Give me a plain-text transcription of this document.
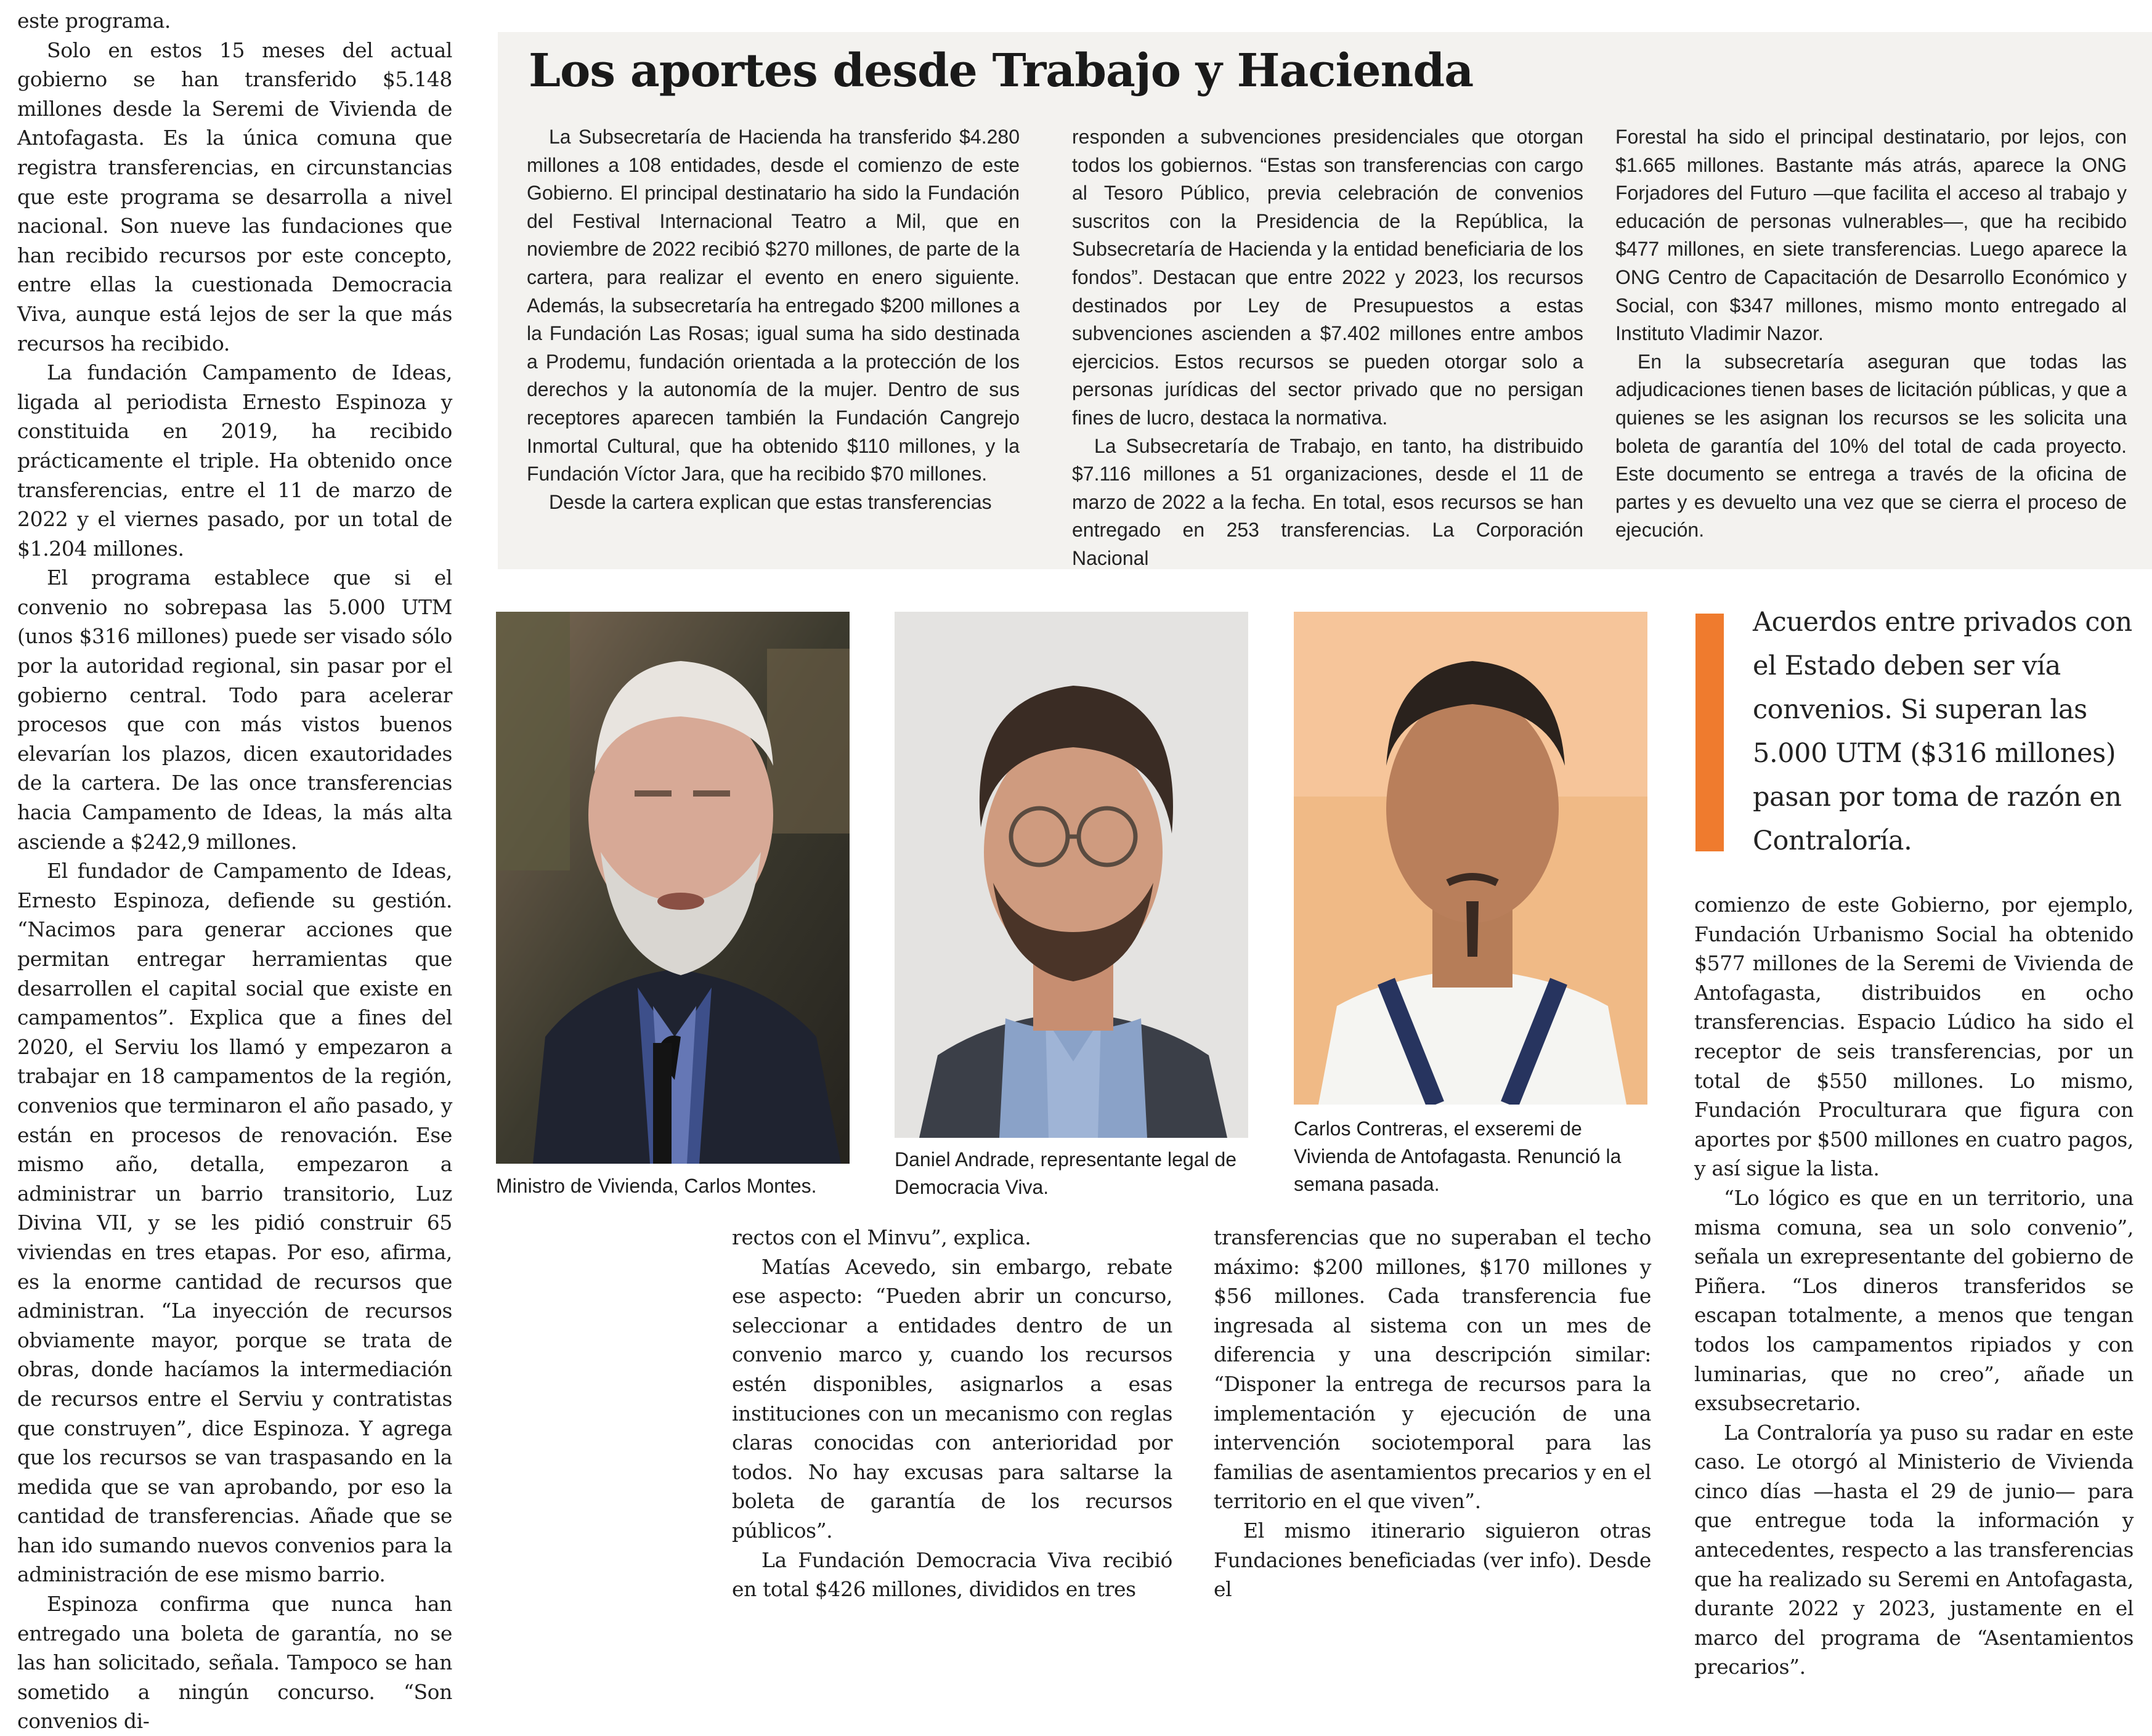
este programa.

Solo en estos 15 meses del actual gobierno se han transferido $5.148 millones desde la Seremi de Vivienda de Antofagasta. Es la única comuna que registra transferencias, en circunstancias que este programa se desarrolla a nivel nacional. Son nueve las fundaciones que han recibido recursos por este concepto, entre ellas la cuestionada Democracia Viva, aunque está lejos de ser la que más recursos ha recibido.

La fundación Campamento de Ideas, ligada al periodista Ernesto Espinoza y constituida en 2019, ha recibido prácticamente el triple. Ha obtenido once transferencias, entre el 11 de marzo de 2022 y el viernes pasado, por un total de $1.204 millones.

El programa establece que si el convenio no sobrepasa las 5.000 UTM (unos $316 millones) puede ser visado sólo por la autoridad regional, sin pasar por el gobierno central. Todo para acelerar procesos que con más vistos buenos elevarían los plazos, dicen exautoridades de la cartera. De las once transferencias hacia Campamento de Ideas, la más alta asciende a $242,9 millones.

El fundador de Campamento de Ideas, Ernesto Espinoza, defiende su gestión. “Nacimos para generar acciones que permitan entregar herramientas que desarrollen el capital social que existe en campamentos”. Explica que a fines del 2020, el Serviu los llamó y empezaron a trabajar en 18 campamentos de la región, convenios que terminaron el año pasado, y están en procesos de renovación. Ese mismo año, detalla, empezaron a administrar un barrio transitorio, Luz Divina VII, y se les pidió construir 65 viviendas en tres etapas. Por eso, afirma, es la enorme cantidad de recursos que administran. “La inyección de recursos obviamente mayor, porque se trata de obras, donde hacíamos la intermediación de recursos entre el Serviu y contratistas que construyen”, dice Espinoza. Y agrega que los recursos se van traspasando en la medida que se van aprobando, por eso la cantidad de transferencias. Añade que se han ido sumando nuevos convenios para la administración de ese mismo barrio.

Espinoza confirma que nunca han entregado una boleta de garantía, no se las han solicitado, señala. Tampoco se han sometido a ningún concurso. “Son convenios di-

Los aportes desde Trabajo y Hacienda

La Subsecretaría de Hacienda ha transferido $4.280 millones a 108 entidades, desde el comienzo de este Gobierno. El principal destinatario ha sido la Fundación del Festival Internacional Teatro a Mil, que en noviembre de 2022 recibió $270 millones, de parte de la cartera, para realizar el evento en enero siguiente. Además, la subsecretaría ha entregado $200 millones a la Fundación Las Rosas; igual suma ha sido destinada a Prodemu, fundación orientada a la protección de los derechos y la autonomía de la mujer. Dentro de sus receptores aparecen también la Fundación Cangrejo Inmortal Cultural, que ha obtenido $110 millones, y la Fundación Víctor Jara, que ha recibido $70 millones.

Desde la cartera explican que estas transferencias

responden a subvenciones presidenciales que otorgan todos los gobiernos. “Estas son transferencias con cargo al Tesoro Público, previa celebración de convenios suscritos con la Presidencia de la República, la Subsecretaría de Hacienda y la entidad beneficiaria de los fondos”. Destacan que entre 2022 y 2023, los recursos destinados por Ley de Presupuestos a estas subvenciones ascienden a $7.402 millones entre ambos ejercicios. Estos recursos se pueden otorgar solo a personas jurídicas del sector privado que no persigan fines de lucro, destaca la normativa.

La Subsecretaría de Trabajo, en tanto, ha distribuido $7.116 millones a 51 organizaciones, desde el 11 de marzo de 2022 a la fecha. En total, esos recursos se han entregado en 253 transferencias. La Corporación Nacional

Forestal ha sido el principal destinatario, por lejos, con $1.665 millones. Bastante más atrás, aparece la ONG Forjadores del Futuro —que facilita el acceso al trabajo y educación de personas vulnerables—, que ha recibido $477 millones, en siete transferencias. Luego aparece la ONG Centro de Capacitación de Desarrollo Económico y Social, con $347 millones, mismo monto entregado al Instituto Vladimir Nazor.

En la subsecretaría aseguran que todas las adjudicaciones tienen bases de licitación públicas, y que a quienes se les asignan los recursos se les solicita una boleta de garantía del 10% del total de cada proyecto. Este documento se entrega a través de la oficina de partes y es devuelto una vez que se cierra el proceso de ejecución.

Ministro de Vivienda, Carlos Montes.

Daniel Andrade, representante legal de Democracia Viva.

Carlos Contreras, el exseremi de Vivienda de Antofagasta. Renunció la semana pasada.

Acuerdos entre privados con el Estado deben ser vía convenios. Si superan las 5.000 UTM ($316 millones) pasan por toma de razón en Contraloría.

rectos con el Minvu”, explica.

Matías Acevedo, sin embargo, rebate ese aspecto: “Pueden abrir un concurso, seleccionar a entidades dentro de un convenio marco y, cuando los recursos estén disponibles, asignarlos a esas instituciones con un mecanismo con reglas claras conocidas con anterioridad por todos. No hay excusas para saltarse la boleta de garantía de los recursos públicos”.

La Fundación Democracia Viva recibió en total $426 millones, divididos en tres

transferencias que no superaban el techo máximo: $200 millones, $170 millones y $56 millones. Cada transferencia fue ingresada al sistema con un mes de diferencia y una descripción similar: “Disponer la entrega de recursos para la implementación y ejecución de una intervención sociotemporal para las familias de asentamientos precarios y en el territorio en el que viven”.

El mismo itinerario siguieron otras Fundaciones beneficiadas (ver info). Desde el

comienzo de este Gobierno, por ejemplo, Fundación Urbanismo Social ha obtenido $577 millones de la Seremi de Vivienda de Antofagasta, distribuidos en ocho transferencias. Espacio Lúdico ha sido el receptor de seis transferencias, por un total de $550 millones. Lo mismo, Fundación Proculturara que figura con aportes por $500 millones en cuatro pagos, y así sigue la lista.

“Lo lógico es que en un territorio, una misma comuna, sea un solo convenio”, señala un exrepresentante del gobierno de Piñera. “Los dineros transferidos se escapan totalmente, a menos que tengan todos los campamentos ripiados y con luminarias, que no creo”, añade un exsubsecretario.

La Contraloría ya puso su radar en este caso. Le otorgó al Ministerio de Vivienda cinco días —hasta el 29 de junio— para que entregue toda la información y antecedentes, respecto a las transferencias que ha realizado su Seremi en Antofagasta, durante 2022 y 2023, justamente en el marco del programa de “Asentamientos precarios”.
